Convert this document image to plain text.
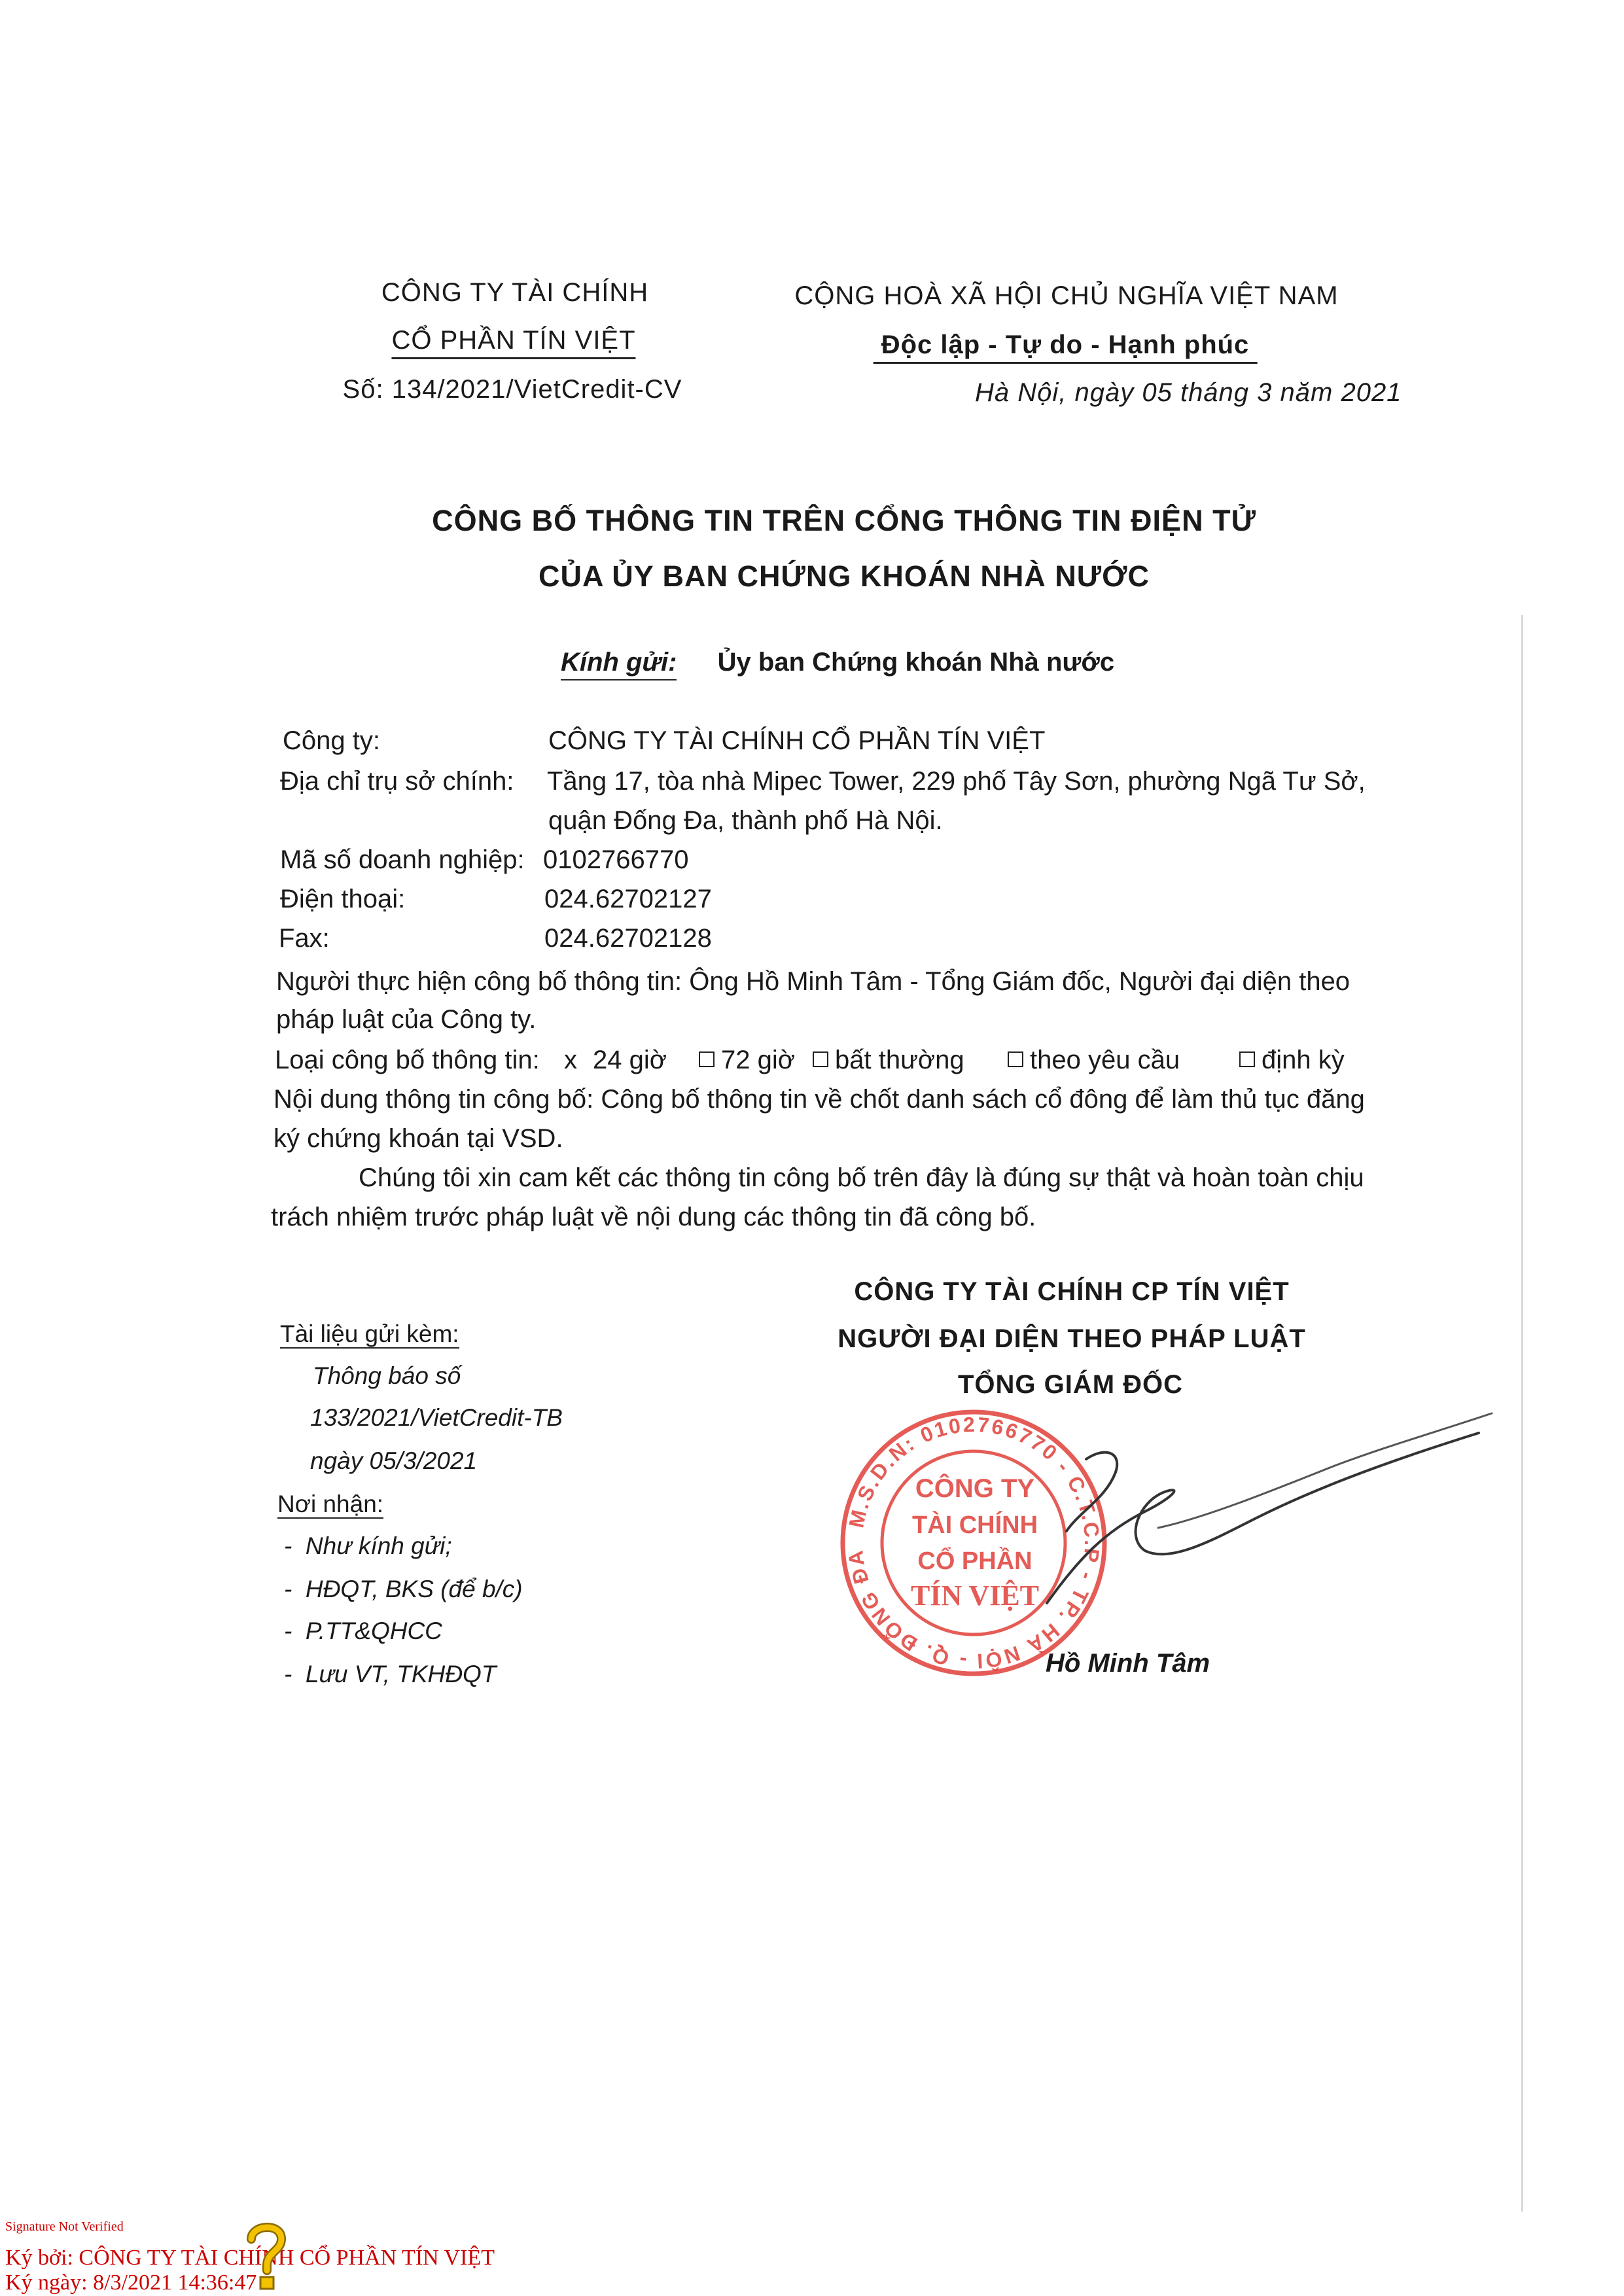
CÔNG TY TÀI CHÍNH
CỔ PHẦN TÍN VIỆT
Số: 134/2021/VietCredit-CV
CỘNG HOÀ XÃ HỘI CHỦ NGHĨA VIỆT NAM
Độc lập - Tự do - Hạnh phúc
Hà Nội, ngày 05 tháng 3 năm 2021
CÔNG BỐ THÔNG TIN TRÊN CỔNG THÔNG TIN ĐIỆN TỬ
CỦA ỦY BAN CHỨNG KHOÁN NHÀ NƯỚC
Kính gửi: Ủy ban Chứng khoán Nhà nước
Công ty:	CÔNG TY TÀI CHÍNH CỔ PHẦN TÍN VIỆT
Địa chỉ trụ sở chính: Tầng 17, tòa nhà Mipec Tower, 229 phố Tây Sơn, phường Ngã Tư Sở,
quận Đống Đa, thành phố Hà Nội.
Mã số doanh nghiệp: 0102766770
Điện thoại:	024.62702127
Fax:	024.62702128
Người thực hiện công bố thông tin: Ông Hồ Minh Tâm - Tổng Giám đốc, Người đại diện theo
pháp luật của Công ty.
Loại công bố thông tin: x 24 giờ	72 giờ	bất thường	theo yêu cầu	định kỳ
Nội dung thông tin công bố: Công bố thông tin về chốt danh sách cổ đông để làm thủ tục đăng
ký chứng khoán tại VSD.
Chúng tôi xin cam kết các thông tin công bố trên đây là đúng sự thật và hoàn toàn chịu
trách nhiệm trước pháp luật về nội dung các thông tin đã công bố.
CÔNG TY TÀI CHÍNH CP TÍN VIỆT
NGƯỜI ĐẠI DIỆN THEO PHÁP LUẬT
TỔNG GIÁM ĐỐC
Tài liệu gửi kèm:
Thông báo số
133/2021/VietCredit-TB
ngày 05/3/2021
Nơi nhận:
-  Như kính gửi;
-  HĐQT, BKS (để b/c)
-  P.TT&QHCC
-  Lưu VT, TKHĐQT
M.S.D.N: 0102766770 - C.T.C.P - TP. HÀ NỘI - Q. ĐỐNG ĐA
CÔNG TY
TÀI CHÍNH
CỔ PHẦN
TÍN VIỆT
Hồ Minh Tâm
Signature Not Verified
Ký bởi: CÔNG TY TÀI CHÍNH CỔ PHẦN TÍN VIỆT
Ký ngày: 8/3/2021 14:36:47
